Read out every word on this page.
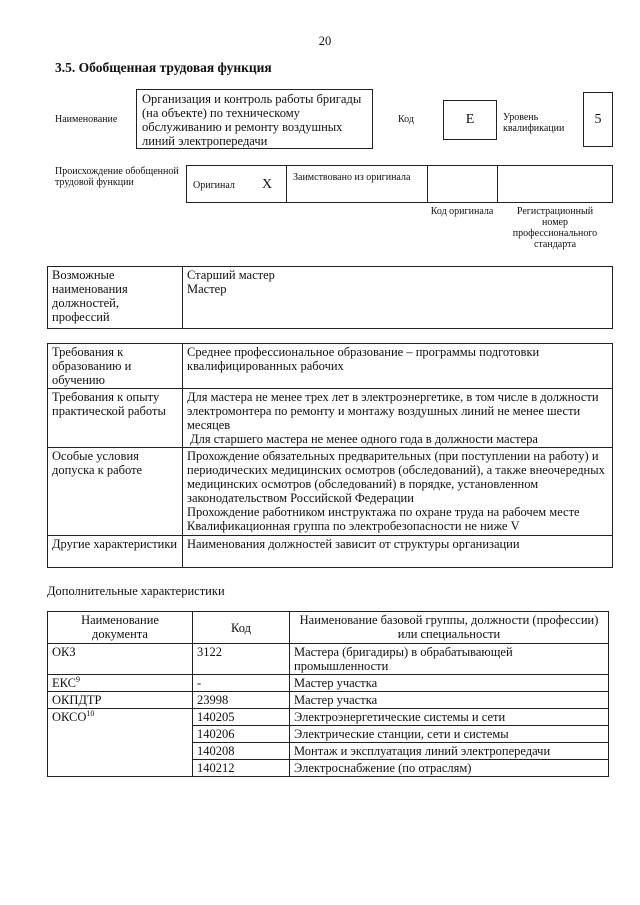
20
3.5. Обобщенная трудовая функция
Наименование
Организация и контроль работы бригады (на объекте) по техническому обслуживанию и ремонту воздушных линий электропередачи
Код	E	Уровень квалификации
5
Происхождение обобщенной трудовой функции	Оригинал X Заимствовано из оригинала
Код оригинала	Регистрационный номер профессионального стандарта
Возможные наименования должностей, профессий	
Старший мастер
Мастер
Требования к образованию и обучению	Среднее профессиональное образование – программы подготовки квалифицированных рабочих

Требования к опыту практической работы	Для мастера не менее трех лет в электроэнергетике, в том числе в должности электромонтера по ремонту и монтажу воздушных линий не менее шести месяцев
Для старшего мастера не менее одного года в должности мастера

Особые условия допуска к работе	Прохождение обязательных предварительных (при поступлении на работу) и периодических медицинских осмотров (обследований), а также внеочередных медицинских осмотров (обследований) в порядке, установленном законодательством Российской Федерации
Прохождение работником инструктажа по охране труда на рабочем месте
Квалификационная группа по электробезопасности не ниже V

Другие характеристики	Наименования должностей зависит от структуры организации
Дополнительные характеристики
Наименование документа	Код	Наименование базовой группы, должности (профессии) или специальности
ОКЗ	3122	Мастера (бригадиры) в обрабатывающей промышленности
ЕКС$^9$	-	Мастер участка
ОКПДТР	23998	Мастер участка
ОКСО$^{10}$	140205	Электроэнергетические системы и сети
	140206	Электрические станции, сети и системы
	140208	Монтаж и эксплуатация линий электропередачи
	140212	Электроснабжение (по отраслям)
